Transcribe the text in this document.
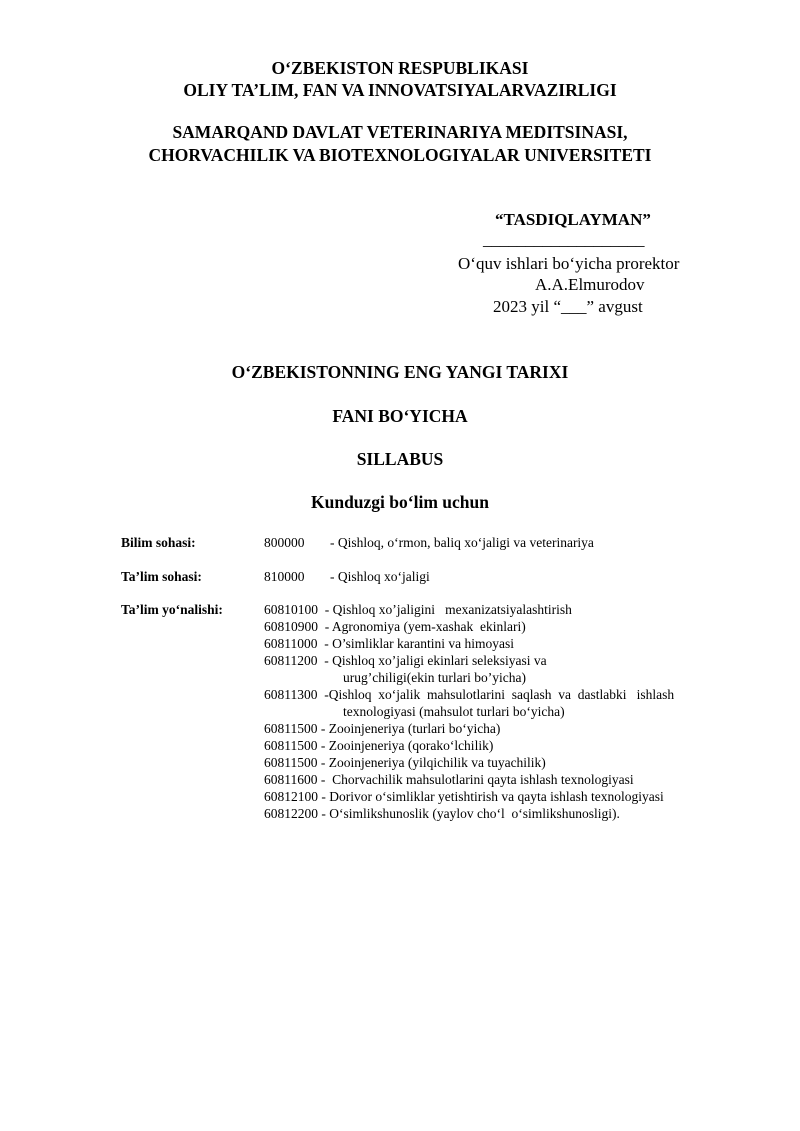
O‘ZBEKISTON RESPUBLIKASI
OLIY TA’LIM, FAN VA INNOVATSIYALARVAZIRLIGI
SAMARQAND DAVLAT VETERINARIYA MEDITSINASI,
CHORVACHILIK VA BIOTEXNOLOGIYALAR UNIVERSITETI
“TASDIQLAYMAN”
___________________
O‘quv ishlari bo‘yicha prorektor
A.A.Elmurodov
2023 yil “___” avgust
O‘ZBEKISTONNING ENG YANGI TARIXI
FANI BO‘YICHA
SILLABUS
Kunduzgi bo‘lim uchun
Bilim sohasi:	800000 - Qishloq, o‘rmon, baliq xo‘jaligi va veterinariya
Ta’lim sohasi:	810000 - Qishloq xo‘jaligi
Ta’lim yo‘nalishi:	60810100  - Qishloq xo’jaligini   mexanizatsiyalashtirish
60810900  - Agronomiya (yem-xashak  ekinlari)
60811000  - O’simliklar karantini va himoyasi
60811200  - Qishloq xo’jaligi ekinlari seleksiyasi va
urug’chiligi(ekin turlari bo’yicha)
60811300  -Qishloq  xo‘jalik  mahsulotlarini  saqlash  va  dastlabki   ishlash
texnologiyasi (mahsulot turlari bo‘yicha)
60811500 - Zooinjeneriya (turlari bo‘yicha)
60811500 - Zooinjeneriya (qorako‘lchilik)
60811500 - Zooinjeneriya (yilqichilik va tuyachilik)
60811600 -  Chorvachilik mahsulotlarini qayta ishlash texnologiyasi
60812100 - Dorivor o‘simliklar yetishtirish va qayta ishlash texnologiyasi
60812200 - O‘simlikshunoslik (yaylov cho‘l  o‘simlikshunosligi).
